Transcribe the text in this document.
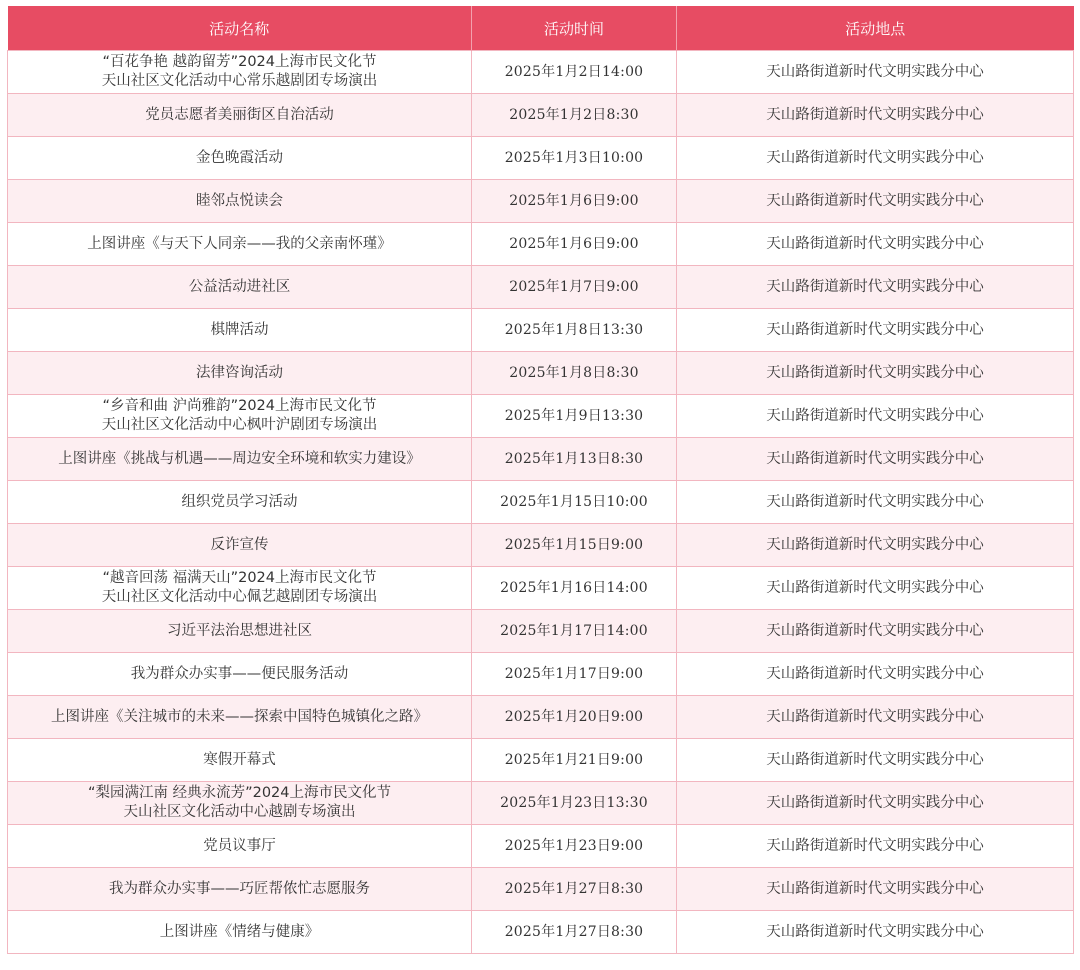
活动名称	活动时间	活动地点

“百花争艳 越韵留芳”2024上海市民文化节
天山社区文化活动中心常乐越剧团专场演出	2025年1月2日14:00	天山路街道新时代文明实践分中心

党员志愿者美丽街区自治活动	2025年1月2日8:30	天山路街道新时代文明实践分中心

金色晚霞活动	2025年1月3日10:00	天山路街道新时代文明实践分中心

睦邻点悦读会	2025年1月6日9:00	天山路街道新时代文明实践分中心

上图讲座《与天下人同亲——我的父亲南怀瑾》	2025年1月6日9:00	天山路街道新时代文明实践分中心

公益活动进社区	2025年1月7日9:00	天山路街道新时代文明实践分中心

棋牌活动	2025年1月8日13:30	天山路街道新时代文明实践分中心

法律咨询活动	2025年1月8日8:30	天山路街道新时代文明实践分中心

“乡音和曲 沪尚雅韵”2024上海市民文化节
天山社区文化活动中心枫叶沪剧团专场演出	2025年1月9日13:30	天山路街道新时代文明实践分中心

上图讲座《挑战与机遇——周边安全环境和软实力建设》	2025年1月13日8:30	天山路街道新时代文明实践分中心

组织党员学习活动	2025年1月15日10:00	天山路街道新时代文明实践分中心

反诈宣传	2025年1月15日9:00	天山路街道新时代文明实践分中心

“越音回荡 福满天山”2024上海市民文化节
天山社区文化活动中心佩艺越剧团专场演出	2025年1月16日14:00	天山路街道新时代文明实践分中心

习近平法治思想进社区	2025年1月17日14:00	天山路街道新时代文明实践分中心

我为群众办实事——便民服务活动	2025年1月17日9:00	天山路街道新时代文明实践分中心

上图讲座《关注城市的未来——探索中国特色城镇化之路》	2025年1月20日9:00	天山路街道新时代文明实践分中心

寒假开幕式	2025年1月21日9:00	天山路街道新时代文明实践分中心

“梨园满江南 经典永流芳”2024上海市民文化节
天山社区文化活动中心越剧专场演出	2025年1月23日13:30	天山路街道新时代文明实践分中心

党员议事厅	2025年1月23日9:00	天山路街道新时代文明实践分中心

我为群众办实事——巧匠帮侬忙志愿服务	2025年1月27日8:30	天山路街道新时代文明实践分中心

上图讲座《情绪与健康》	2025年1月27日8:30	天山路街道新时代文明实践分中心
